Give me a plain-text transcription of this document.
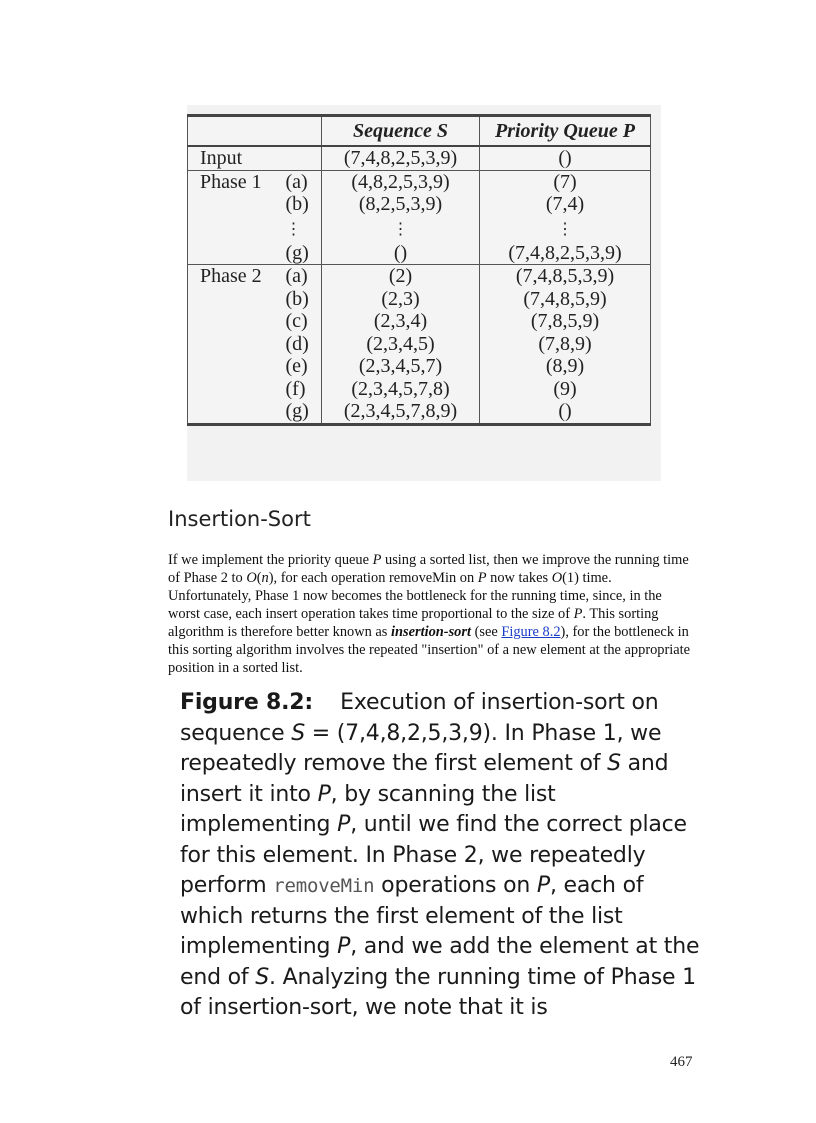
		Sequence S	Priority Queue P
Input		(7,4,8,2,5,3,9)	()
Phase 1	(a)	(4,8,2,5,3,9)	(7)
	(b)	(8,2,5,3,9)	(7,4)
	⋮	⋮	⋮
	(g)	()	(7,4,8,2,5,3,9)
Phase 2	(a)	(2)	(7,4,8,5,3,9)
	(b)	(2,3)	(7,4,8,5,9)
	(c)	(2,3,4)	(7,8,5,9)
	(d)	(2,3,4,5)	(7,8,9)
	(e)	(2,3,4,5,7)	(8,9)
	(f)	(2,3,4,5,7,8)	(9)
	(g)	(2,3,4,5,7,8,9)	()
Insertion-Sort

If we implement the priority queue P using a sorted list, then we improve the running time of Phase 2 to O(n), for each operation removeMin on P now takes O(1) time. Unfortunately, Phase 1 now becomes the bottleneck for the running time, since, in the worst case, each insert operation takes time proportional to the size of P. This sorting algorithm is therefore better known as insertion-sort (see Figure 8.2), for the bottleneck in this sorting algorithm involves the repeated "insertion" of a new element at the appropriate position in a sorted list.

Figure 8.2: Execution of insertion-sort on sequence S = (7,4,8,2,5,3,9). In Phase 1, we repeatedly remove the first element of S and insert it into P, by scanning the list implementing P, until we find the correct place for this element. In Phase 2, we repeatedly perform removeMin operations on P, each of which returns the first element of the list implementing P, and we add the element at the end of S. Analyzing the running time of Phase 1 of insertion-sort, we note that it is

467
